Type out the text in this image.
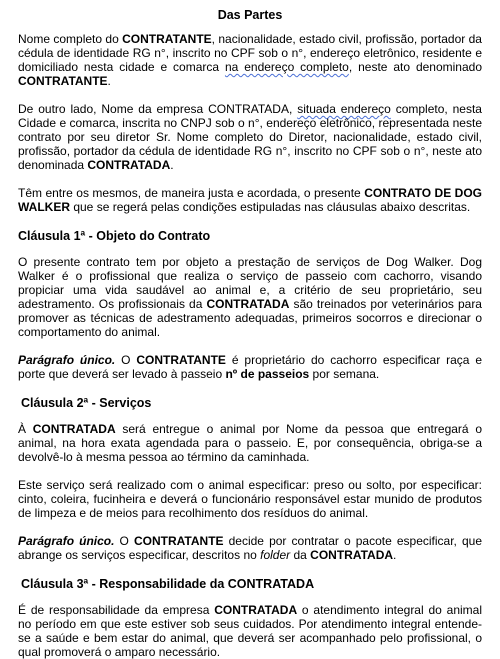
Das Partes

Nome completo do CONTRATANTE, nacionalidade, estado civil, profissão, portador da cédula de identidade RG n°, inscrito no CPF sob o n°, endereço eletrônico, residente e domiciliado nesta cidade e comarca na endereço completo, neste ato denominado CONTRATANTE.

De outro lado, Nome da empresa CONTRATADA, situada endereço completo, nesta Cidade e comarca, inscrita no CNPJ sob o n°, endereço eletrônico, representada neste contrato por seu diretor Sr. Nome completo do Diretor, nacionalidade, estado civil, profissão, portador da cédula de identidade RG n°, inscrito no CPF sob o n°, neste ato denominada CONTRATADA.

Têm entre os mesmos, de maneira justa e acordada, o presente CONTRATO DE DOG WALKER que se regerá pelas condições estipuladas nas cláusulas abaixo descritas.

Cláusula 1ª - Objeto do Contrato

O presente contrato tem por objeto a prestação de serviços de Dog Walker. Dog Walker é o profissional que realiza o serviço de passeio com cachorro, visando propiciar uma vida saudável ao animal e, a critério de seu proprietário, seu adestramento. Os profissionais da CONTRATADA são treinados por veterinários para promover as técnicas de adestramento adequadas, primeiros socorros e direcionar o comportamento do animal.

Parágrafo único. O CONTRATANTE é proprietário do cachorro especificar raça e porte que deverá ser levado à passeio nº de passeios por semana.

Cláusula 2ª - Serviços

À CONTRATADA será entregue o animal por Nome da pessoa que entregará o animal, na hora exata agendada para o passeio. E, por consequência, obriga-se a devolvê-lo à mesma pessoa ao término da caminhada.

Este serviço será realizado com o animal especificar: preso ou solto, por especificar: cinto, coleira, fucinheira e deverá o funcionário responsável estar munido de produtos de limpeza e de meios para recolhimento dos resíduos do animal.

Parágrafo único. O CONTRATANTE decide por contratar o pacote especificar, que abrange os serviços especificar, descritos no folder da CONTRATADA.

Cláusula 3ª - Responsabilidade da CONTRATADA

É de responsabilidade da empresa CONTRATADA o atendimento integral do animal no período em que este estiver sob seus cuidados. Por atendimento integral entende-se a saúde e bem estar do animal, que deverá ser acompanhado pelo profissional, o qual promoverá o amparo necessário.
